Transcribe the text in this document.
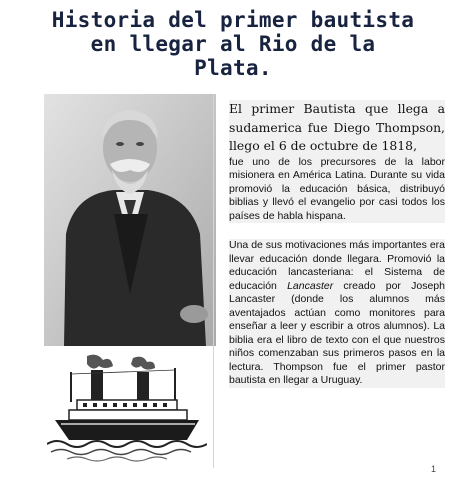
Historia del primer bautista
en llegar al Rio de la
Plata.

El primer Bautista que llega a sudamerica fue Diego Thompson, llego el 6 de octubre de 1818,
fue uno de los precursores de la labor misionera en América Latina. Durante su vida promovió la educación básica, distribuyó biblias y llevó el evangelio por casi todos los países de habla hispana.

Una de sus motivaciones más importantes era llevar educación donde llegara. Promovió la educación lancasteriana: el Sistema de educación Lancaster creado por Joseph Lancaster (donde los alumnos más aventajados actúan como monitores para enseñar a leer y escribir a otros alumnos). La biblia era el libro de texto con el que nuestros niños comenzaban sus primeros pasos en la lectura. Thompson fue el primer pastor bautista en llegar a Uruguay.

1
